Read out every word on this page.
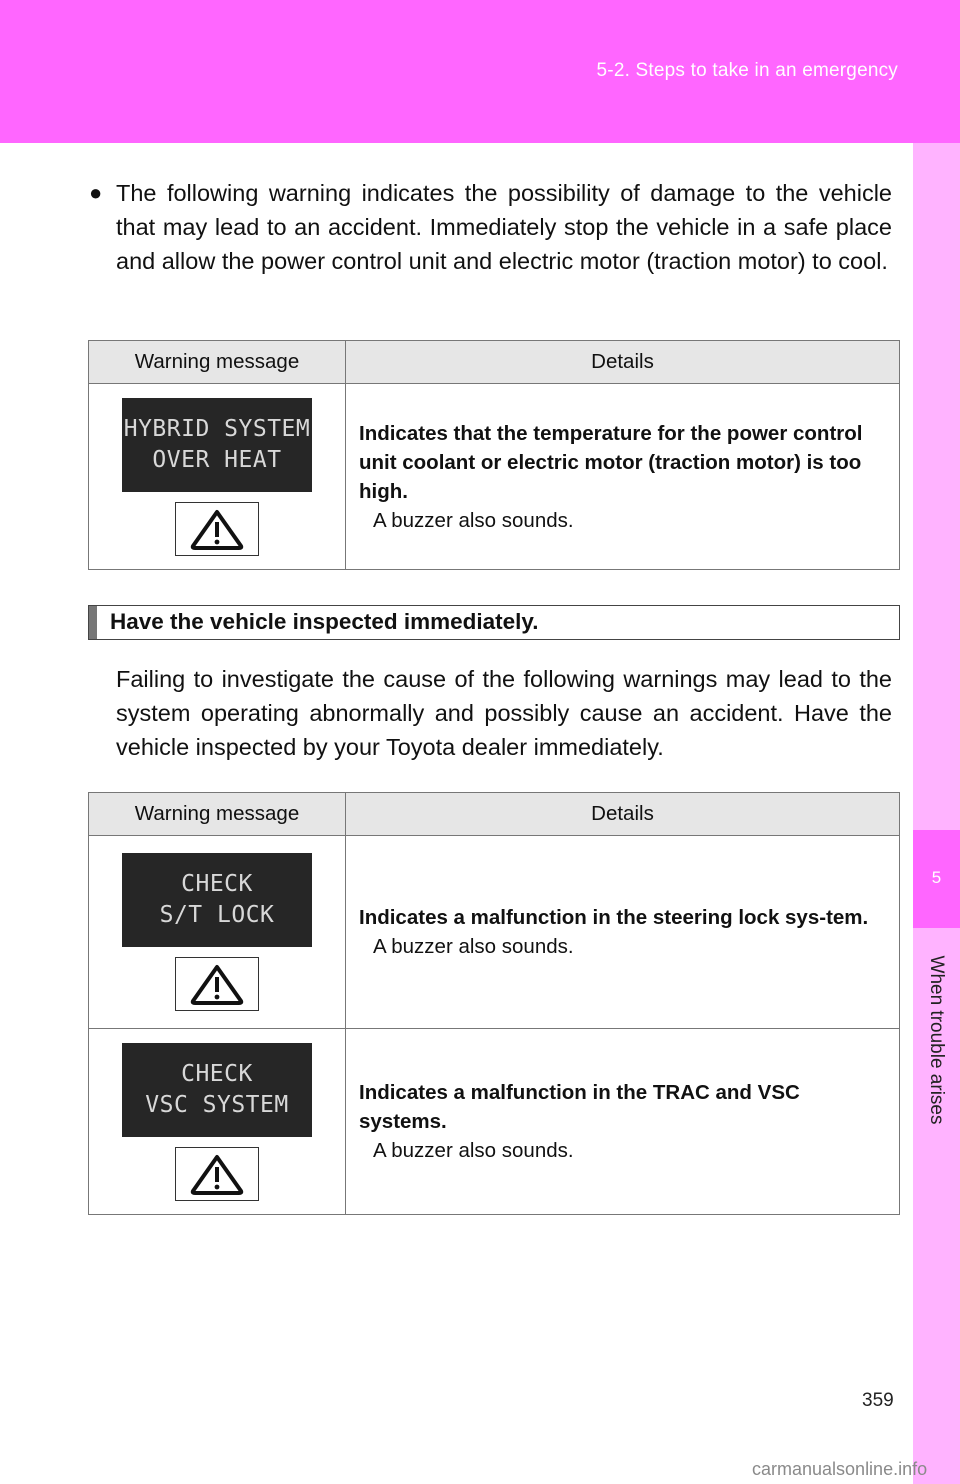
5-2. Steps to take in an emergency
5
When trouble arises
● The following warning indicates the possibility of damage to the vehicle that may lead to an accident. Immediately stop the vehicle in a safe place and allow the power control unit and electric motor (traction motor) to cool.
Warning message	Details

HYBRID SYSTEM
OVER HEAT	Indicates that the temperature for the power control unit coolant or electric motor (traction motor) is too high.
A buzzer also sounds.
Have the vehicle inspected immediately.
Failing to investigate the cause of the following warnings may lead to the system operating abnormally and possibly cause an accident. Have the vehicle inspected by your Toyota dealer immediately.
Warning message	Details

CHECK
S/T LOCK	Indicates a malfunction in the steering lock sys-tem.
A buzzer also sounds.

CHECK
VSC SYSTEM	Indicates a malfunction in the TRAC and VSC systems.
A buzzer also sounds.
359
carmanualsonline.info
